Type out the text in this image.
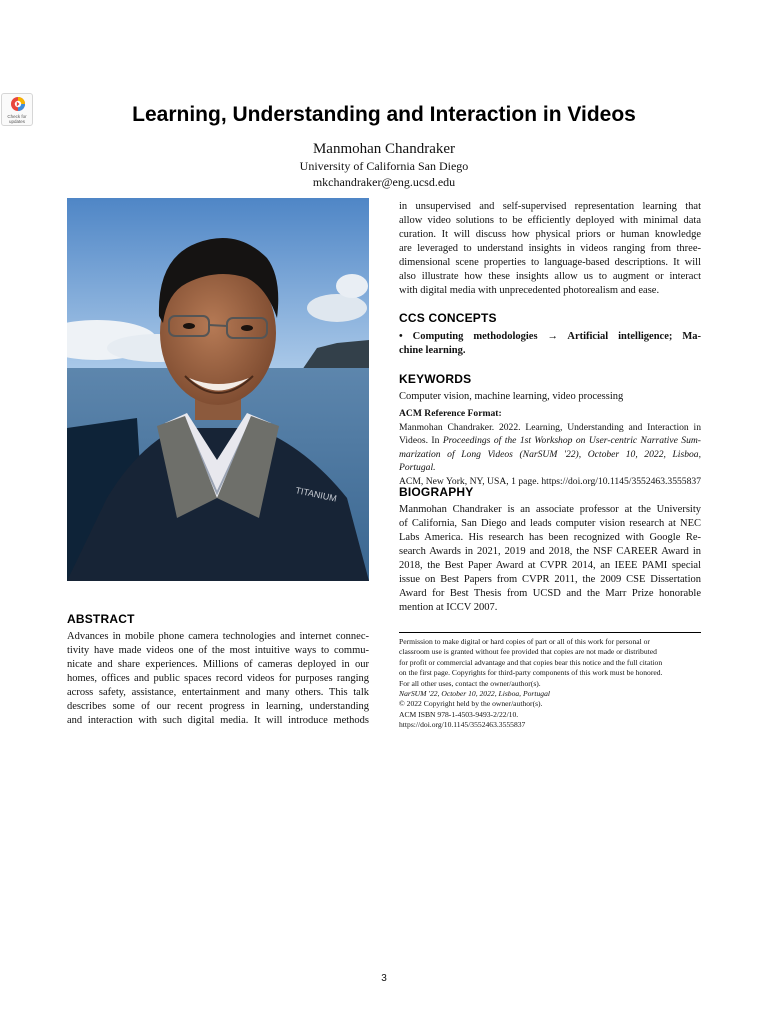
Check for
updates	Learning, Understanding and Interaction in Videos
Manmohan Chandraker
University of California San Diego
mkchandraker@eng.ucsd.edu
TITANIUM
ABSTRACT

Advances in mobile phone camera technologies and internet connec-

tivity have made videos one of the most intuitive ways to commu-

nicate and share experiences. Millions of cameras deployed in our

homes, offices and public spaces record videos for purposes ranging

across safety, assistance, entertainment and many others. This talk

describes some of our recent progress in learning, understanding

and interaction with such digital media. It will introduce methods

in unsupervised and self-supervised representation learning that

allow video solutions to be efficiently deployed with minimal data

curation. It will discuss how physical priors or human knowledge

are leveraged to understand insights in videos ranging from three-

dimensional scene properties to language-based descriptions. It will

also illustrate how these insights allow us to augment or interact

with digital media with unprecedented photorealism and ease.

CCS CONCEPTS

• Computing methodologies → Artificial intelligence; Ma-

chine learning.

KEYWORDS

Computer vision, machine learning, video processing

ACM Reference Format:

Manmohan Chandraker. 2022. Learning, Understanding and Interaction in

Videos. In Proceedings of the 1st Workshop on User-centric Narrative Sum-

marization of Long Videos (NarSUM '22), October 10, 2022, Lisboa, Portugal.

ACM, New York, NY, USA, 1 page. https://doi.org/10.1145/3552463.3555837

BIOGRAPHY

Manmohan Chandraker is an associate professor at the University

of California, San Diego and leads computer vision research at NEC

Labs America. His research has been recognized with Google Re-

search Awards in 2021, 2019 and 2018, the NSF CAREER Award in

2018, the Best Paper Award at CVPR 2014, an IEEE PAMI special

issue on Best Papers from CVPR 2011, the 2009 CSE Dissertation

Award for Best Thesis from UCSD and the Marr Prize honorable

mention at ICCV 2007.

Permission to make digital or hard copies of part or all of this work for personal or

classroom use is granted without fee provided that copies are not made or distributed

for profit or commercial advantage and that copies bear this notice and the full citation

on the first page. Copyrights for third-party components of this work must be honored.

For all other uses, contact the owner/author(s).

NarSUM '22, October 10, 2022, Lisboa, Portugal

© 2022 Copyright held by the owner/author(s).

ACM ISBN 978-1-4503-9493-2/22/10.

https://doi.org/10.1145/3552463.3555837

3
